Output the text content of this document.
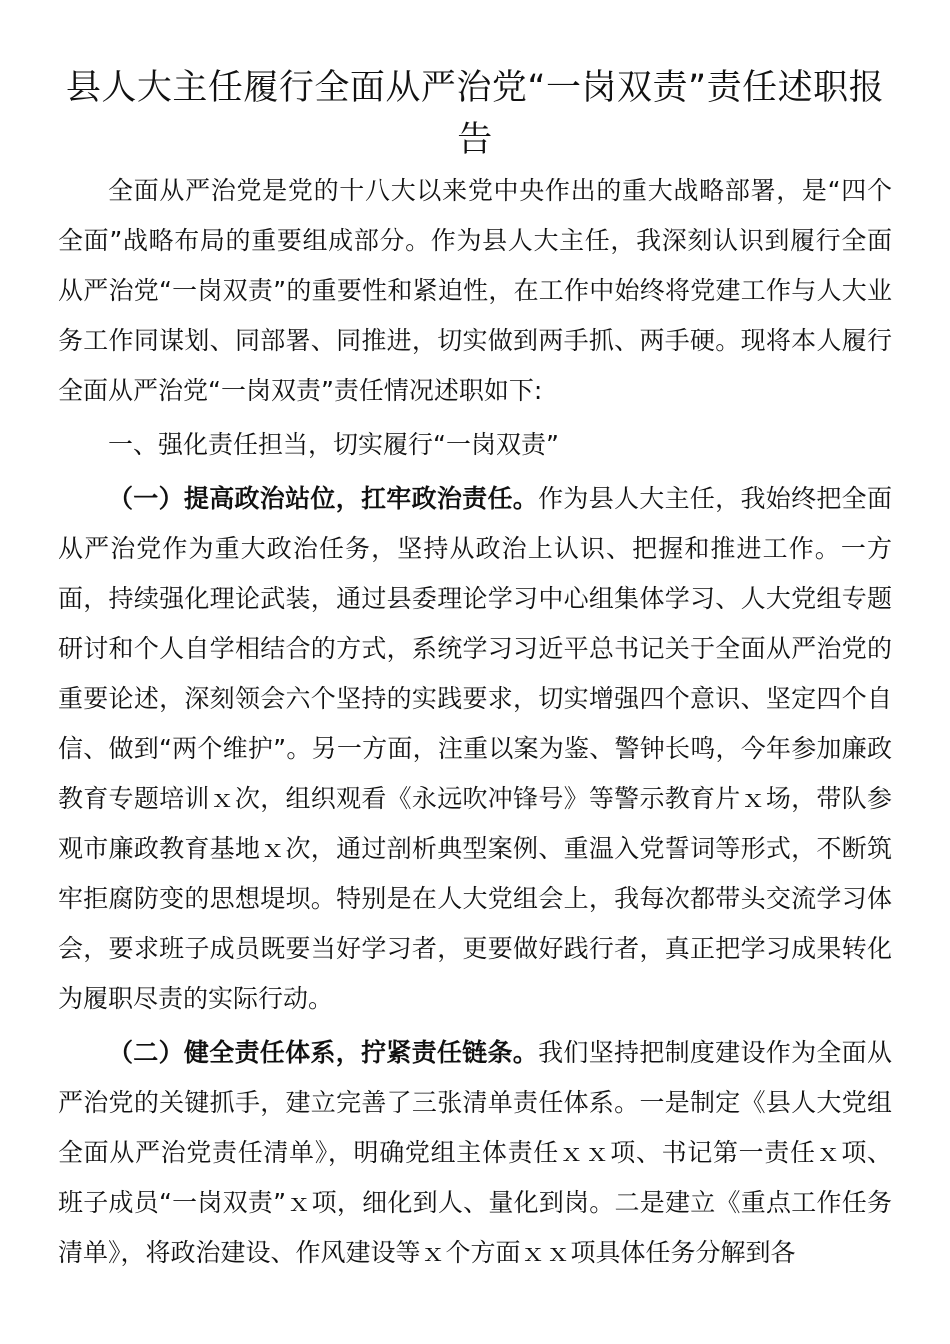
县人大主任履行全面从严治党“一岗双责”责任述职报告

全面从严治党是党的十八大以来党中央作出的重大战略部署，是“四个全面”战略布局的重要组成部分。作为县人大主任，我深刻认识到履行全面从严治党“一岗双责”的重要性和紧迫性，在工作中始终将党建工作与人大业务工作同谋划、同部署、同推进，切实做到两手抓、两手硬。现将本人履行全面从严治党“一岗双责”责任情况述职如下:

一、强化责任担当，切实履行“一岗双责”

（一）提高政治站位，扛牢政治责任。作为县人大主任，我始终把全面从严治党作为重大政治任务，坚持从政治上认识、把握和推进工作。一方面，持续强化理论武装，通过县委理论学习中心组集体学习、人大党组专题研讨和个人自学相结合的方式，系统学习习近平总书记关于全面从严治党的重要论述，深刻领会六个坚持的实践要求，切实增强四个意识、坚定四个自信、做到“两个维护”。另一方面，注重以案为鉴、警钟长鸣，今年参加廉政教育专题培训ｘ次，组织观看《永远吹冲锋号》等警示教育片ｘ场，带队参观市廉政教育基地ｘ次，通过剖析典型案例、重温入党誓词等形式，不断筑牢拒腐防变的思想堤坝。特别是在人大党组会上，我每次都带头交流学习体会，要求班子成员既要当好学习者，更要做好践行者，真正把学习成果转化为履职尽责的实际行动。

（二）健全责任体系，拧紧责任链条。我们坚持把制度建设作为全面从严治党的关键抓手，建立完善了三张清单责任体系。一是制定《县人大党组全面从严治党责任清单》，明确党组主体责任ｘｘ项、书记第一责任ｘ项、班子成员“一岗双责”ｘ项，细化到人、量化到岗。二是建立《重点工作任务清单》，将政治建设、作风建设等ｘ个方面ｘｘ项具体任务分解到各
